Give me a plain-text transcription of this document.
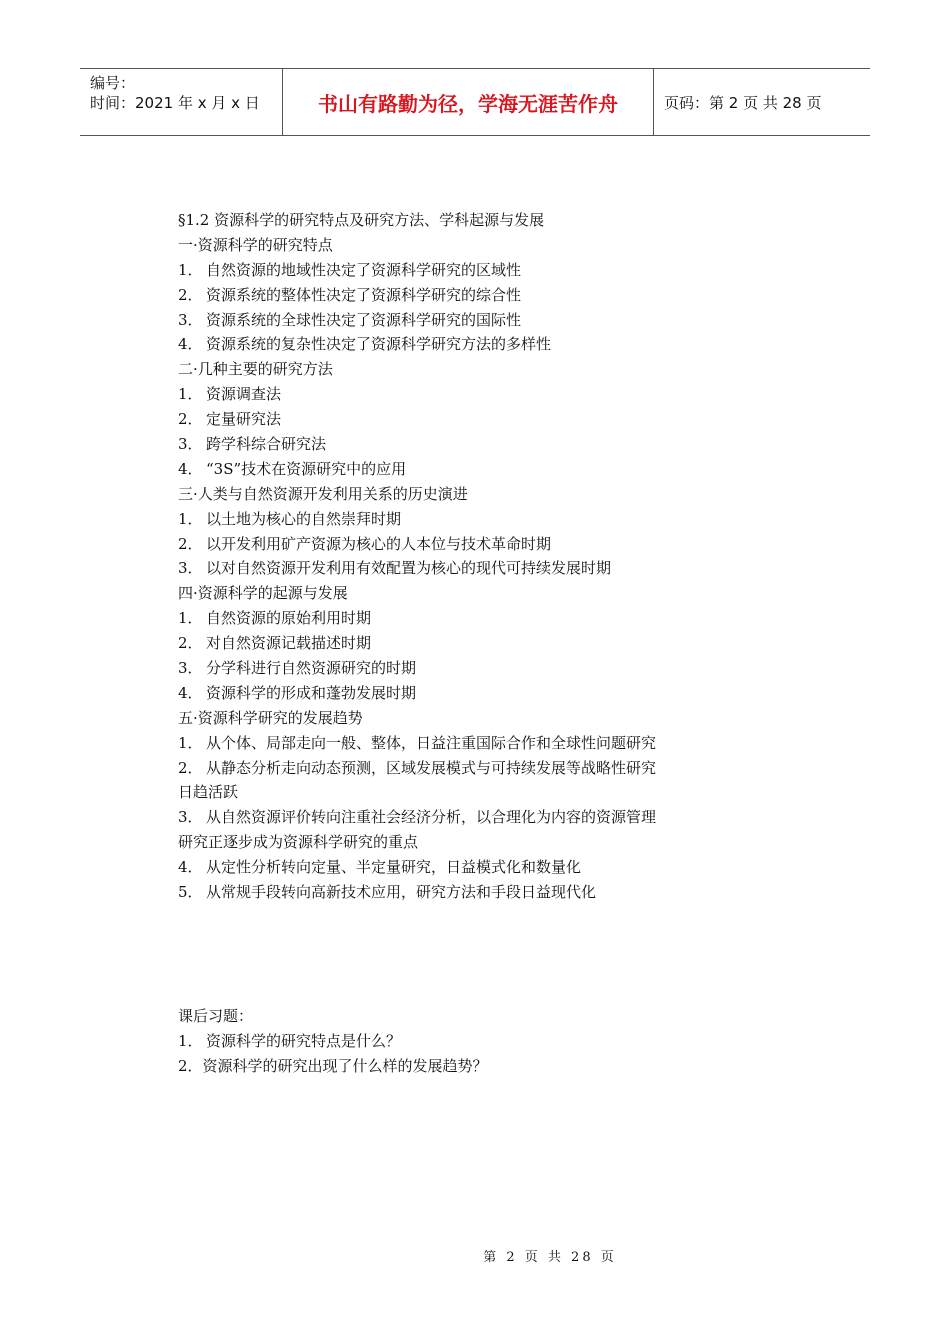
编号：
时间：2021 年 x 月 x 日	书山有路勤为径，学海无涯苦作舟	页码：第 2 页 共 28 页
§1.2 资源科学的研究特点及研究方法、学科起源与发展
一·资源科学的研究特点
1． 自然资源的地域性决定了资源科学研究的区域性
2． 资源系统的整体性决定了资源科学研究的综合性
3． 资源系统的全球性决定了资源科学研究的国际性
4． 资源系统的复杂性决定了资源科学研究方法的多样性
二·几种主要的研究方法
1． 资源调查法
2． 定量研究法
3． 跨学科综合研究法
4． “3S”技术在资源研究中的应用
三·人类与自然资源开发利用关系的历史演进
1． 以土地为核心的自然崇拜时期
2． 以开发利用矿产资源为核心的人本位与技术革命时期
3． 以对自然资源开发利用有效配置为核心的现代可持续发展时期
四·资源科学的起源与发展
1． 自然资源的原始利用时期
2． 对自然资源记载描述时期
3． 分学科进行自然资源研究的时期
4． 资源科学的形成和蓬勃发展时期
五·资源科学研究的发展趋势
1． 从个体、局部走向一般、整体，日益注重国际合作和全球性问题研究
2． 从静态分析走向动态预测，区域发展模式与可持续发展等战略性研究
日趋活跃
3． 从自然资源评价转向注重社会经济分析，以合理化为内容的资源管理
研究正逐步成为资源科学研究的重点
4． 从定性分析转向定量、半定量研究，日益模式化和数量化
5． 从常规手段转向高新技术应用，研究方法和手段日益现代化
课后习题：
1． 资源科学的研究特点是什么？
2．资源科学的研究出现了什么样的发展趋势？
第 2 页 共 28 页
